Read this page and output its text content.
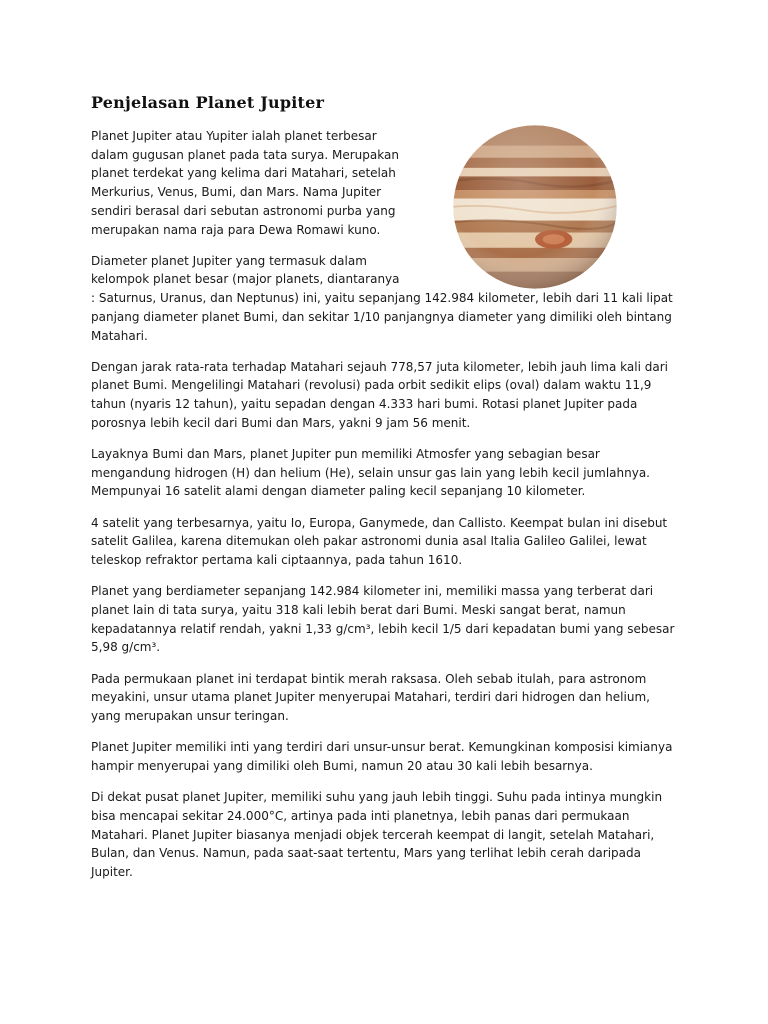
Penjelasan Planet Jupiter

Planet Jupiter atau Yupiter ialah planet terbesar dalam gugusan planet pada tata surya. Merupakan planet terdekat yang kelima dari Matahari, setelah Merkurius, Venus, Bumi, dan Mars. Nama Jupiter sendiri berasal dari sebutan astronomi purba yang merupakan nama raja para Dewa Romawi kuno.

Diameter planet Jupiter yang termasuk dalam kelompok planet besar (major planets, diantaranya : Saturnus, Uranus, dan Neptunus) ini, yaitu sepanjang 142.984 kilometer, lebih dari 11 kali lipat panjang diameter planet Bumi, dan sekitar 1/10 panjangnya diameter yang dimiliki oleh bintang Matahari.

Dengan jarak rata-rata terhadap Matahari sejauh 778,57 juta kilometer, lebih jauh lima kali dari planet Bumi. Mengelilingi Matahari (revolusi) pada orbit sedikit elips (oval) dalam waktu 11,9 tahun (nyaris 12 tahun), yaitu sepadan dengan 4.333 hari bumi. Rotasi planet Jupiter pada porosnya lebih kecil dari Bumi dan Mars, yakni 9 jam 56 menit.

Layaknya Bumi dan Mars, planet Jupiter pun memiliki Atmosfer yang sebagian besar mengandung hidrogen (H) dan helium (He), selain unsur gas lain yang lebih kecil jumlahnya. Mempunyai 16 satelit alami dengan diameter paling kecil sepanjang 10 kilometer.

4 satelit yang terbesarnya, yaitu Io, Europa, Ganymede, dan Callisto. Keempat bulan ini disebut satelit Galilea, karena ditemukan oleh pakar astronomi dunia asal Italia Galileo Galilei, lewat teleskop refraktor pertama kali ciptaannya, pada tahun 1610.

Planet yang berdiameter sepanjang 142.984 kilometer ini, memiliki massa yang terberat dari planet lain di tata surya, yaitu 318 kali lebih berat dari Bumi. Meski sangat berat, namun kepadatannya relatif rendah, yakni 1,33 g/cm³, lebih kecil 1/5 dari kepadatan bumi yang sebesar 5,98 g/cm³.

Pada permukaan planet ini terdapat bintik merah raksasa. Oleh sebab itulah, para astronom meyakini, unsur utama planet Jupiter menyerupai Matahari, terdiri dari hidrogen dan helium, yang merupakan unsur teringan.

Planet Jupiter memiliki inti yang terdiri dari unsur-unsur berat. Kemungkinan komposisi kimianya hampir menyerupai yang dimiliki oleh Bumi, namun 20 atau 30 kali lebih besarnya.

Di dekat pusat planet Jupiter, memiliki suhu yang jauh lebih tinggi. Suhu pada intinya mungkin bisa mencapai sekitar 24.000°C, artinya pada inti planetnya, lebih panas dari permukaan Matahari. Planet Jupiter biasanya menjadi objek tercerah keempat di langit, setelah Matahari, Bulan, dan Venus. Namun, pada saat-saat tertentu, Mars yang terlihat lebih cerah daripada Jupiter.
